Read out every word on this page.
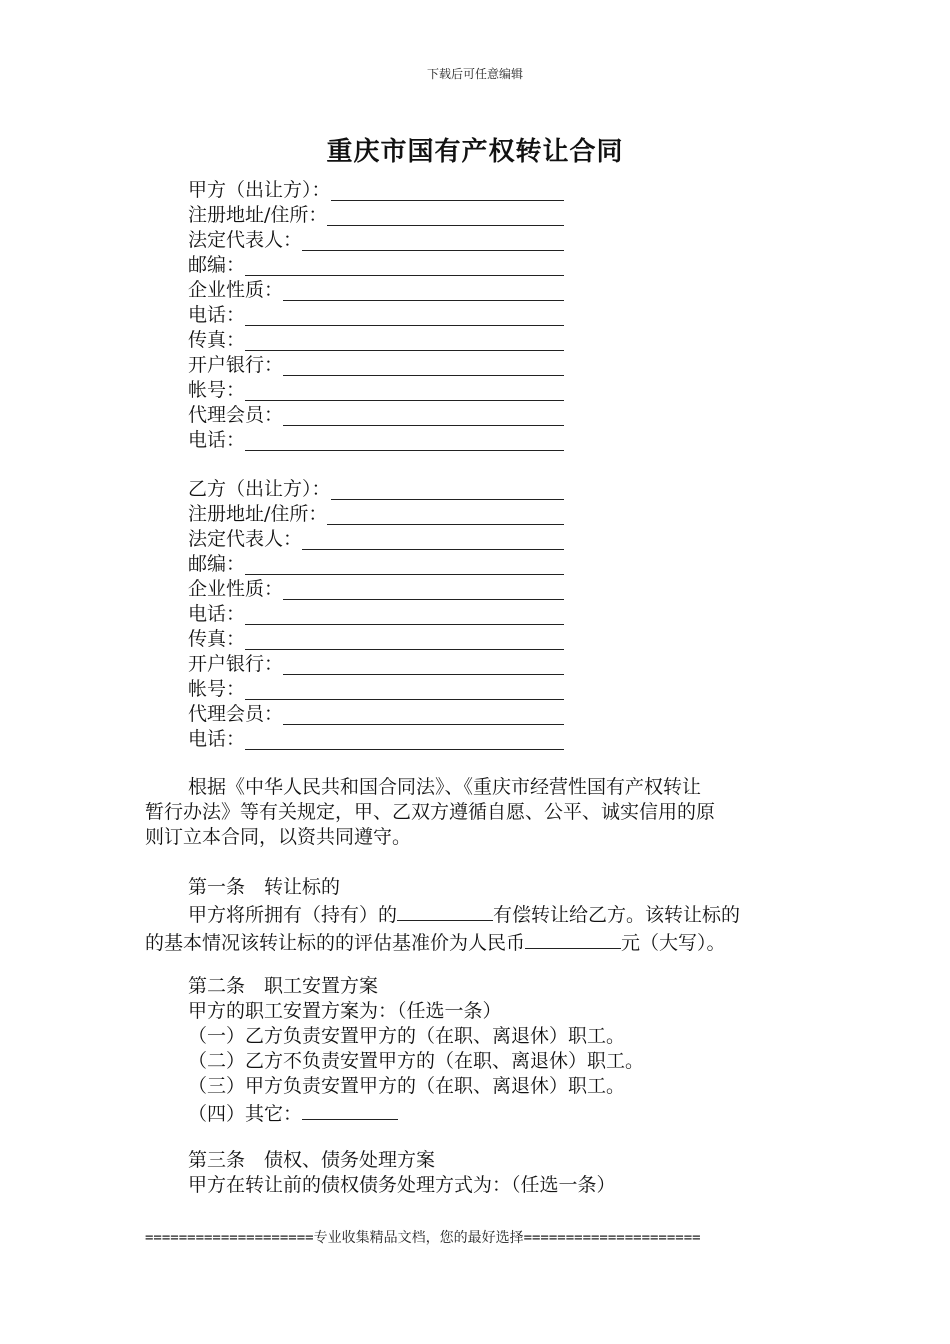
下载后可任意编辑
重庆市国有产权转让合同
甲方（出让方）：
注册地址/住所：
法定代表人：
邮编：
企业性质：
电话：
传真：
开户银行：
帐号：
代理会员：
电话：
乙方（出让方）：
注册地址/住所：
法定代表人：
邮编：
企业性质：
电话：
传真：
开户银行：
帐号：
代理会员：
电话：

根据《中华人民共和国合同法》、《重庆市经营性国有产权转让

暂行办法》等有关规定，甲、乙双方遵循自愿、公平、诚实信用的原

则订立本合同，以资共同遵守。

第一条　转让标的

甲方将所拥有（持有）的	有偿转让给乙方。该转让标的

的基本情况该转让标的的评估基准价为人民币	元（大写）。

第二条　职工安置方案

甲方的职工安置方案为：（任选一条）

（一）乙方负责安置甲方的（在职、离退休）职工。

（二）乙方不负责安置甲方的（在职、离退休）职工。

（三）甲方负责安置甲方的（在职、离退休）职工。

（四）其它：

第三条　债权、债务处理方案

甲方在转让前的债权债务处理方式为：（任选一条）

====================专业收集精品文档，您的最好选择=====================
